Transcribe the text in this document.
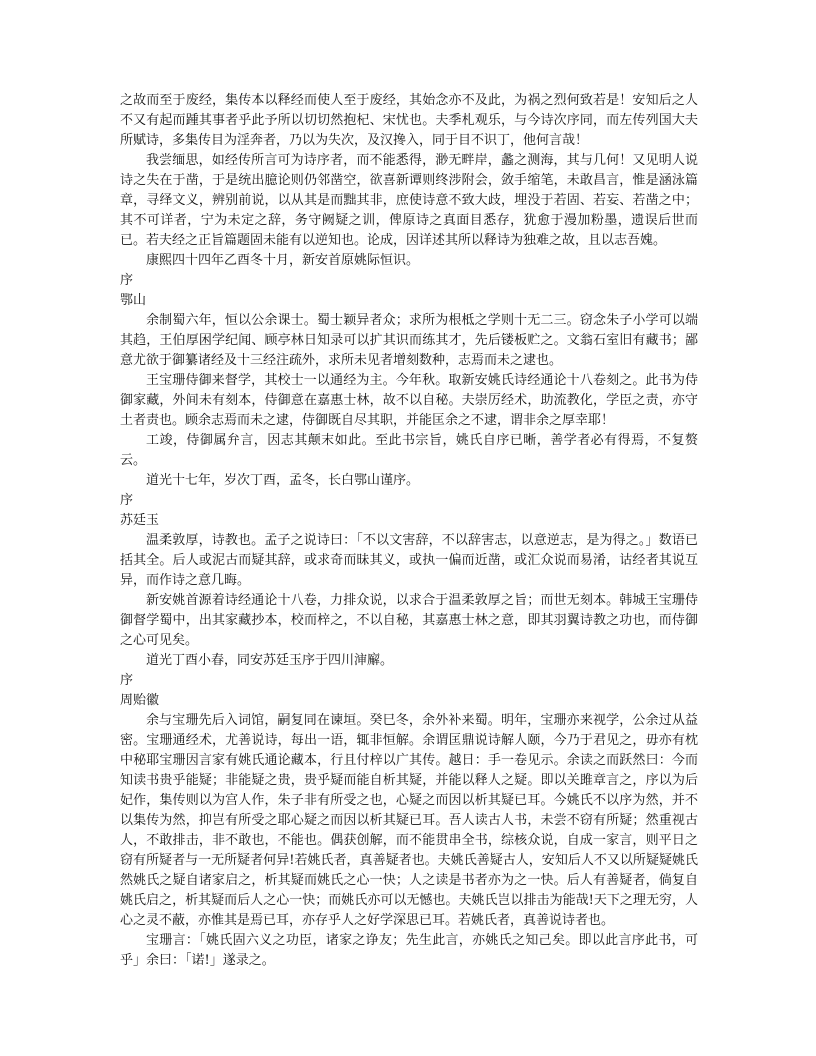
之故而至于废经，集传本以释经而使人至于废经，其始念亦不及此，为祸之烈何致若是！安知后之人不又有起而踵其事者乎此予所以切切然抱杞、宋忧也。夫季札观乐，与今诗次序同，而左传列国大夫所赋诗，多集传目为淫奔者，乃以为失次，及汉搀入，同于目不识丁，他何言哉！

我尝缅思，如经传所言可为诗序者，而不能悉得，渺无畔岸，蠡之测海，其与几何！又见明人说诗之失在于凿，于是统出臆论则仍邻凿空，欲喜新谭则终涉附会，敛手缩笔，未敢昌言，惟是涵泳篇章，寻绎文义，辨别前说，以从其是而黜其非，庶使诗意不致大歧，埋没于若固、若妄、若凿之中；其不可详者，宁为未定之辞，务守阙疑之训，俾原诗之真面目悉存，犹愈于漫加粉墨，遗误后世而已。若夫经之正旨篇题固未能有以逆知也。论成，因详述其所以释诗为独难之故，且以志吾媿。

康熙四十四年乙酉冬十月，新安首原姚际恒识。

序

鄂山

余制蜀六年，恒以公余课士。蜀士颖异者众；求所为根柢之学则十无二三。窃念朱子小学可以端其趋，王伯厚困学纪闻、顾亭林日知录可以扩其识而练其才，先后镂板贮之。文翁石室旧有藏书；鄙意尤欲于御纂诸经及十三经注疏外，求所未见者增刻数种，志焉而未之逮也。

王宝珊侍御来督学，其校士一以通经为主。今年秋。取新安姚氏诗经通论十八卷刻之。此书为侍御家藏，外间未有刻本，侍御意在嘉惠士林，故不以自秘。夫崇厉经术，助流教化，学臣之责，亦守土者责也。顾余志焉而未之逮，侍御既自尽其职，并能匡余之不逮，谓非余之厚幸耶！

工竣，侍御属弁言，因志其颠末如此。至此书宗旨，姚氏自序已晰，善学者必有得焉，不复赘云。

道光十七年，岁次丁酉，孟冬，长白鄂山谨序。

序

苏廷玉

温柔敦厚，诗教也。孟子之说诗曰：「不以文害辞，不以辞害志，以意逆志，是为得之。」数语已括其全。后人或泥古而疑其辞，或求奇而昧其义，或执一偏而近凿，或汇众说而易淆，诂经者其说互异，而作诗之意几晦。

新安姚首源着诗经通论十八卷，力排众说，以求合于温柔敦厚之旨；而世无刻本。韩城王宝珊侍御督学蜀中，出其家藏抄本，校而梓之，不以自秘，其嘉惠士林之意，即其羽翼诗教之功也，而侍御之心可见矣。

道光丁酉小春，同安苏廷玉序于四川渖廨。

序

周贻徽

余与宝珊先后入词馆，嗣复同在谏垣。癸巳冬，余外补来蜀。明年，宝珊亦来视学，公余过从益密。宝珊通经术，尤善说诗，每出一语，辄非恒解。余谓匡鼎说诗解人颐，今乃于君见之，毋亦有枕中秘耶宝珊因言家有姚氏通论藏本，行且付梓以广其传。越日：手一卷见示。余读之而跃然曰：今而知读书贵乎能疑；非能疑之贵，贵乎疑而能自析其疑，并能以释人之疑。即以关雎章言之，序以为后妃作，集传则以为宫人作，朱子非有所受之也，心疑之而因以析其疑已耳。今姚氏不以序为然，并不以集传为然，抑岂有所受之耶心疑之而因以析其疑已耳。吾人读古人书，未尝不窃有所疑；然重视古人，不敢排击，非不敢也，不能也。偶获创解，而不能贯串全书，综核众说，自成一家言，则平日之窃有所疑者与一无所疑者何异!若姚氏者，真善疑者也。夫姚氏善疑古人，安知后人不又以所疑疑姚氏然姚氏之疑自诸家启之，析其疑而姚氏之心一快；人之读是书者亦为之一快。后人有善疑者，倘复自姚氏启之，析其疑而后人之心一快；而姚氏亦可以无憾也。夫姚氏岂以排击为能哉!天下之理无穷，人心之灵不蔽，亦惟其是焉已耳，亦存乎人之好学深思已耳。若姚氏者，真善说诗者也。

宝珊言：「姚氏固六义之功臣，诸家之诤友；先生此言，亦姚氏之知己矣。即以此言序此书，可乎」余曰：「诺!」遂录之。
